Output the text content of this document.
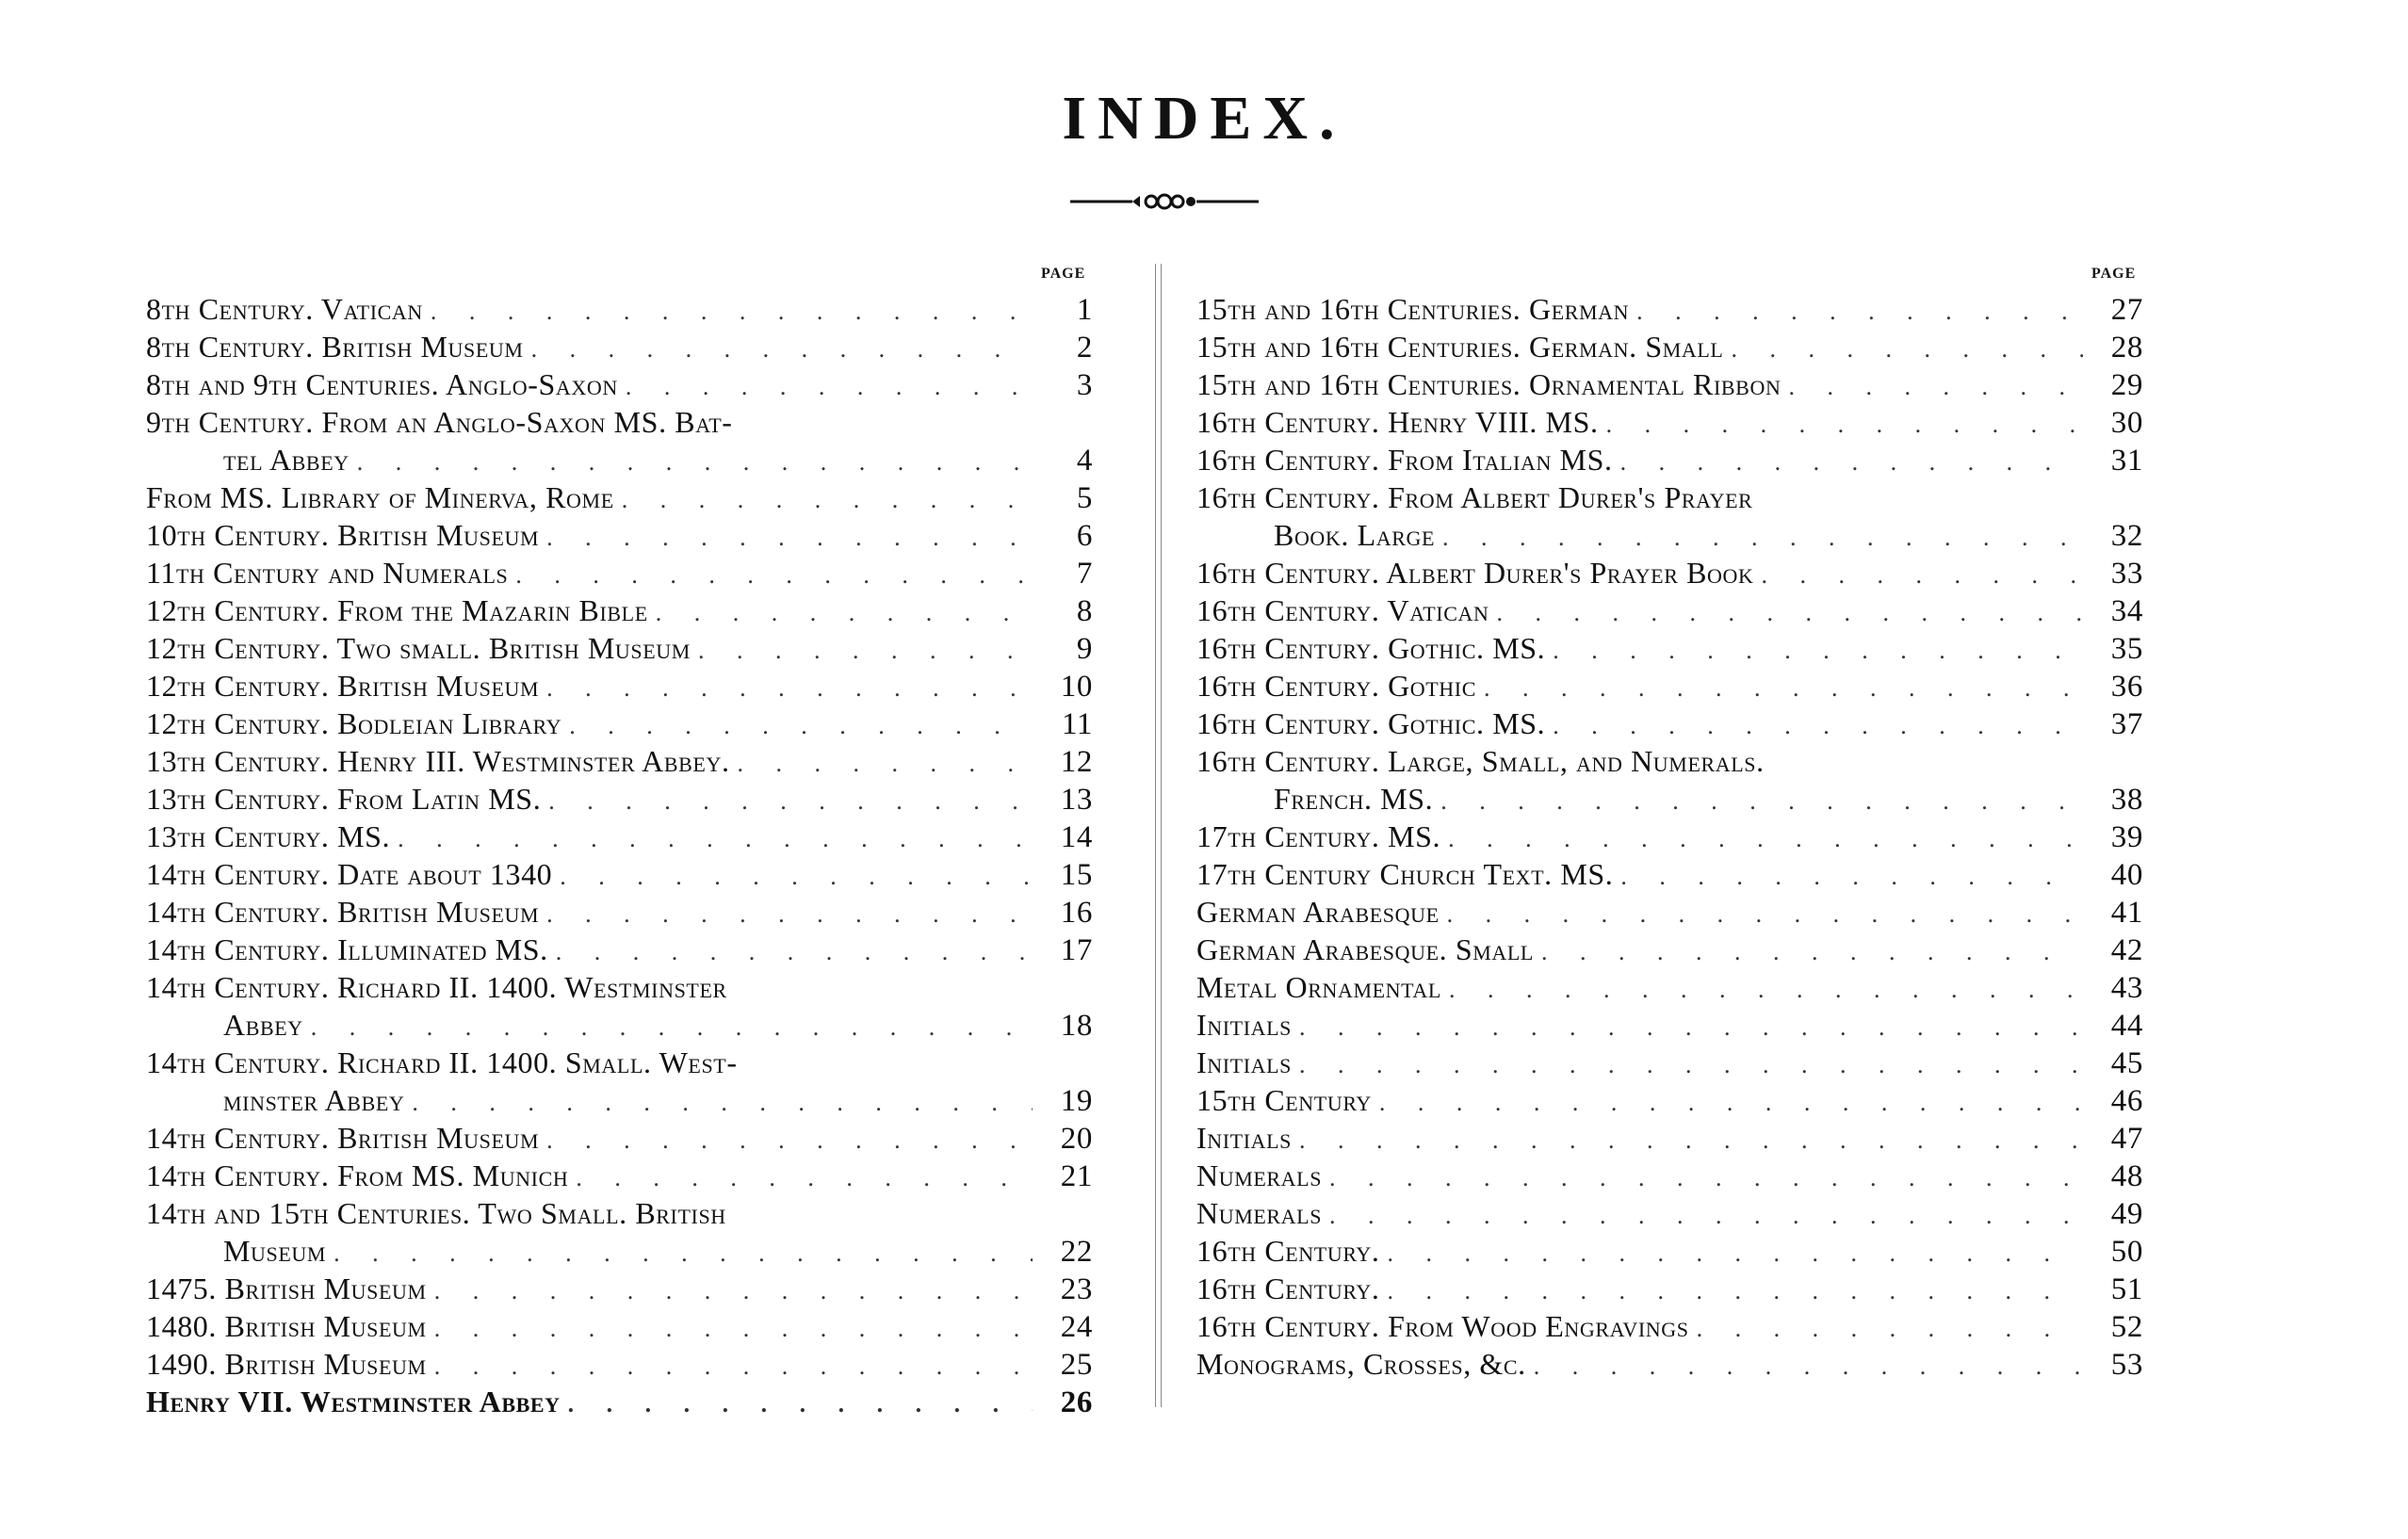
INDEX.
PAGE	PAGE
8th Century. Vatican . . .	1
8th Century. British Museum . . .	2
8th and 9th Centuries. Anglo-Saxon . . .	3
9th Century. From an Anglo-Saxon MS. Bat-
tel Abbey . . .	4
From MS. Library of Minerva, Rome . . .	5
10th Century. British Museum . . .	6
11th Century and Numerals . . .	7
12th Century. From the Mazarin Bible . . .	8
12th Century. Two small. British Museum . . .	9
12th Century. British Museum . . .	10
12th Century. Bodleian Library . . .	11
13th Century. Henry III. Westminster Abbey. . . .	12
13th Century. From Latin MS. . . .	13
13th Century. MS. . . .	14
14th Century. Date about 1340 . . .	15
14th Century. British Museum . . .	16
14th Century. Illuminated MS. . . .	17
14th Century. Richard II. 1400. Westminster
Abbey . . .	18
14th Century. Richard II. 1400. Small. West-
minster Abbey . . .	19
14th Century. British Museum . . .	20
14th Century. From MS. Munich . . .	21
14th and 15th Centuries. Two Small. British
Museum . . .	22
1475. British Museum . . .	23
1480. British Museum . . .	24
1490. British Museum . . .	25
Henry VII. Westminster Abbey . . .	26
15th and 16th Centuries. German . . .	27
15th and 16th Centuries. German. Small . . .	28
15th and 16th Centuries. Ornamental Ribbon . . .	29
16th Century. Henry VIII. MS. . . .	30
16th Century. From Italian MS. . . .	31
16th Century. From Albert Durer's Prayer
Book. Large . . .	32
16th Century. Albert Durer's Prayer Book . . .	33
16th Century. Vatican . . .	34
16th Century. Gothic. MS. . . .	35
16th Century. Gothic . . .	36
16th Century. Gothic. MS. . . .	37
16th Century. Large, Small, and Numerals.
French. MS. . . .	38
17th Century. MS. . . .	39
17th Century Church Text. MS. . . .	40
German Arabesque . . .	41
German Arabesque. Small . . .	42
Metal Ornamental . . .	43
Initials . . .	44
Initials . . .	45
15th Century . . .	46
Initials . . .	47
Numerals . . .	48
Numerals . . .	49
16th Century. . . .	50
16th Century. . . .	51
16th Century. From Wood Engravings . . .	52
Monograms, Crosses, &c. . . .	53
